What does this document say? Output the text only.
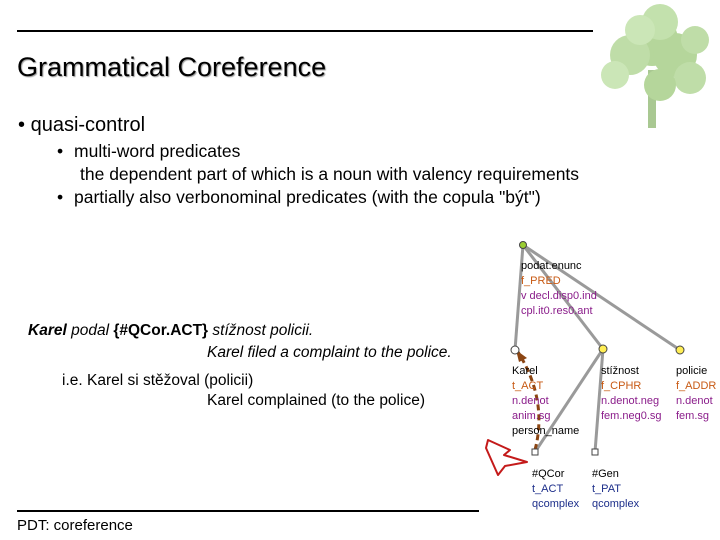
Grammatical Coreference
• quasi-control
• multi-word predicates
the dependent part of which is a noun with valency requirements
• partially also verbonominal predicates (with the copula "být")
Karel podal {#QCor.ACT} stížnost policii.
Karel filed a complaint to the police.
i.e. Karel si stěžoval (policii)
Karel complained (to the police)
PDT: coreference
podat.enunc
f_PRED
v decl.disp0.ind
cpl.it0.res0.ant
Karel
t_ACT
n.denot
anim.sg
person_name
stížnost
f_CPHR
n.denot.neg
fem.neg0.sg
policie
f_ADDR
n.denot
fem.sg
#QCor
t_ACT
qcomplex
#Gen
t_PAT
qcomplex
